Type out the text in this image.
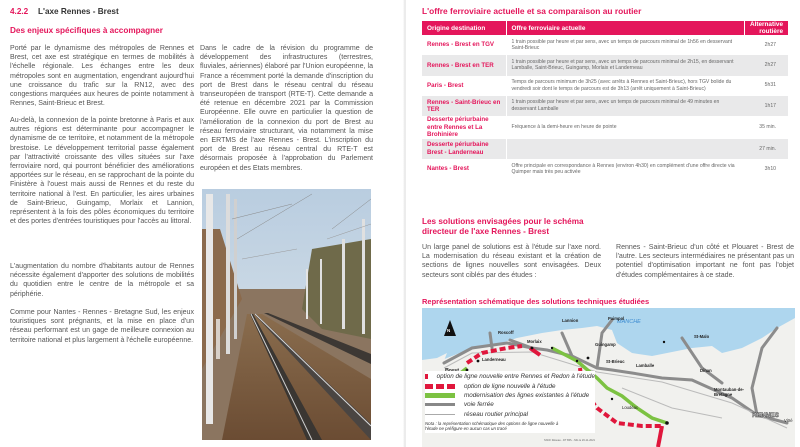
4.2.2 L'axe Rennes - Brest
Des enjeux spécifiques à accompagner
Porté par le dynamisme des métropoles de Rennes et Brest, cet axe est stratégique en termes de mobilités à l'échelle régionale. Les échanges entre les deux métropoles sont en augmentation, engendrant aujourd'hui une croissance du trafic sur la RN12, avec des congestions marquées aux heures de pointe notamment à Rennes, Saint-Brieuc et Brest.
Au-delà, la connexion de la pointe bretonne à Paris et aux autres régions est déterminante pour accompagner le dynamisme de ce territoire, et notamment de la métropole brestoise. Le développement territorial passe également par l'attractivité croissante des villes situées sur l'axe ferroviaire nord, qui pourront bénéficier des améliorations apportées sur le réseau, en se rapprochant de la pointe du Finistère à l'ouest mais aussi de Rennes et du reste du territoire national à l'est. En particulier, les aires urbaines de Saint-Brieuc, Guingamp, Morlaix et Lannion, représentent à la fois des pôles économiques du territoire et des portes d'entrées touristiques pour l'accès au littoral.
L'augmentation du nombre d'habitants autour de Rennes nécessite également d'apporter des solutions de mobilités du quotidien entre le centre de la métropole et sa périphérie.
Comme pour Nantes - Rennes - Bretagne Sud, les enjeux touristiques sont prégnants, et la mise en place d'un réseau performant est un gage de meilleure connexion au territoire national et plus largement à l'échelle européenne.
Dans le cadre de la révision du programme de développement des infrastructures (terrestres, fluviales, aériennes) élaboré par l'Union européenne, la France a récemment porté la demande d'inscription du port de Brest dans le réseau central du réseau transeuropéen de transport (RTE-T). Cette demande a été retenue en décembre 2021 par la Commission Européenne. Elle ouvre en particulier la question de l'amélioration de la connexion du port de Brest au réseau ferroviaire structurant, via notamment la mise en ERTMS de l'axe Rennes - Brest. L'inscription du port de Brest au réseau central du RTE-T est désormais proposée à l'approbation du Parlement européen et des Etats membres.
L'offre ferroviaire actuelle et sa comparaison au routier
Origine destination	Offre ferroviaire actuelle	Alternative routière
Rennes - Brest en TGV	1 train possible par heure et par sens, avec un temps de parcours minimal de 1h56 en desservant Saint-Brieuc	2h27
Rennes - Brest en TER	1 train possible par heure et par sens, avec un temps de parcours minimal de 2h15, en desservant Lamballe, Saint-Brieuc, Guingamp, Morlaix et Landerneau	2h27
Paris - Brest	Temps de parcours minimum de 3h25 (avec arrêts à Rennes et Saint-Brieuc), hors TGV bolide du vendredi soir dont le temps de parcours est de 3h13 (arrêt uniquement à Saint-Brieuc)	5h31
Rennes - Saint-Brieuc en TER	1 train possible par heure et par sens, avec un temps de parcours minimal de 49 minutes en desservant Lamballe	1h17
Desserte périurbaine entre Rennes et La Brohinière	Fréquence à la demi-heure en heure de pointe	35 min.
Desserte périurbaine Brest - Landerneau		27 min.
Nantes - Brest	Offre principale en correspondance à Rennes (environ 4h30) en complément d'une offre directe via Quimper mais très peu activée	3h10
Les solutions envisagées pour le schéma
directeur de l'axe Rennes - Brest
Un large panel de solutions est à l'étude sur l'axe nord. La modernisation du réseau existant et la création de sections de lignes nouvelles sont envisagées. Deux secteurs sont ciblés par des études :
Rennes - Saint-Brieuc d'un côté et Plouaret - Brest de l'autre. Les secteurs intermédiaires ne présentant pas un potentiel d'optimisation important ne font pas l'objet d'études complémentaires à ce stade.
Représentation schématique des solutions techniques étudiées
N
MANCHE
Landerneau
Roscoff
Morlaix
Lannion	Paimpol
Guingamp
St-Brieuc
Lamballe
St-Malo
Dinan
Montauban-de-Bretagne
RENNES
Loudéac
Vitré
option de ligne nouvelle entre Rennes et Redon à l'étude
option de ligne nouvelle à l'étude
modernisation des lignes existantes à l'étude
voie ferrée
réseau routier principal
Nota : la représentation schématique des options de ligne nouvelle à l'étude ne préfigure en aucun cas un tracé
SNCF Réseau - DT BPL - MG le 26-11-2021
